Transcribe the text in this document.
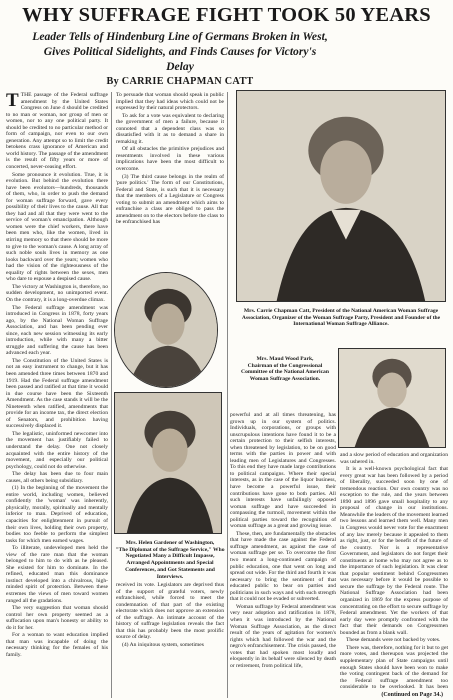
WHY SUFFRAGE FIGHT TOOK 50 YEARS
Leader Tells of Hindenburg Line of Germans Broken in West, Gives Political Sidelights, and Finds Causes for Victory's Delay
By CARRIE CHAPMAN CATT

TTHE passage of the Federal suffrage amendment by the United States Congress on June 4 should be credited to no man or woman, nor group of men or women, nor to any one political party. It should be credited to no particular method or form of campaign, nor even to our own generation. Any attempt so to limit the credit betokens crass ignorance of American and world history. The passage of the amendment is the result of fifty years or more of concerted, never-ceasing effort.

Some pronounce it evolution. True, it is evolution. But behind the evolution there have been evolutors—hundreds, thousands of them, who, in order to push the demand for woman suffrage forward, gave every possibility of their lives to the cause. All that they had and all that they were went to the service of woman's emancipation. Although women were the chief workers, there have been men who, like the women, lived in stirring memory so that there should be more to give to the woman's cause. A long array of such noble souls lives in memory as one looks backward over the years; women who had the vision of the righteousness of the equality of rights between the sexes, men who dare to espouse a despised cause.

The victory at Washington is, therefore, no sudden development, no unimported event. On the contrary, it is a long-overdue climax.

The Federal suffrage amendment was introduced in Congress in 1878, forty years ago, by the National Woman Suffrage Association, and has been pending ever since, each new session witnessing its early introduction, while with many a bitter struggle and suffering the cause has been advanced each year.

The Constitution of the United States is not an easy instrument to change, but it has been amended three times between 1870 and 1919. Had the Federal suffrage amendment been passed and ratified at that time it would in due course have been the Sixteenth Amendment. As the case stands it will be the Nineteenth when ratified, amendments that provide for an income tax, the direct election of Senators, and prohibition having successively displaced it.

The legalistic, uninformed newcomer into the movement has justifiably failed to understand the delay. One not closely acquainted with the entire history of the movement, and especially our political psychology, could not do otherwise.

The delay has been due to four main causes, all others being subsidiary.

(1) In the beginning of the movement the entire world, including women, believed confidently the 'woman' was inherently, physically, morally, spiritually and mentally inferior to man. Deprived of education, capacities for enlightenment in pursuit of their own lives, holding their own property, bodies too feeble to perform the simplest tasks for which men earned wages.

To illiterate, undeveloped men held the view of the rare man that the woman belonged to him to do with as he pleased. She existed for him to dominate. In the refined, educated man this dominance instinct developed into a chivalrous, high-minded spirit of protection. Between these extremes the views of men toward women ranged all the gradations.

The very suggestion that woman should control her own property seemed as a suffocation upon man's honesty or ability to do it for her.

For a woman to want education implied that man was incapable of doing the necessary thinking for the females of his family.

To persuade that woman should speak in public implied that they had ideas which could not be expressed by their natural protectors.

To ask for a vote was equivalent to declaring the government of men a failure, because it connoted that a dependent class was so dissatisfied with it as to demand a share in remaking it.

Of all obstacles the primitive prejudices and resentments involved in these various implications have been the most difficult to overcome.

(3) The third cause belongs in the realm of 'pure politics.' The form of our Constitutions, Federal and State, is such that it is necessary that the members of a Legislature or Congress voting to submit an amendment which aims to enfranchise a class are obliged to pass the amendment on to the electors before the class to be enfranchised has

Mrs. Carrie Chapman Catt, President of the National American Woman Suffrage Association, Organizer of the Woman Suffrage Party, President and Founder of the International Woman Suffrage Alliance.
Mrs. Maud Wood Park,
Chairman of the Congressional Committee of the National American Woman Suffrage Association.
Mrs. Helen Gardener of Washington,
"The Diplomat of the Suffrage Service," Who Negotiated Many a Difficult Impasse, Arranged Appointments and Special Conferences, and Got Statements and Interviews.

received its vote. Legislators are deprived thus of the support of grateful voters, newly enfranchised, while forced to meet the condemnation of that part of the existing electorate which does not approve an extension of the suffrage. An intimate account of the history of suffrage legislation reveals the fact that this has probably been the most prolific source of delay.

(4) An iniquitous system, sometimes

powerful and at all times threatening, has grown up in our system of politics. Individuals, corporations, or groups with unscrupulous intentions have found it to be a certain protection to their selfish interests, when threatened by legislation, to be on good terms with the parties in power and with leading men of Legislatures and Congresses. To this end they have made large contributions to political campaigns. Where their special interests, as in the case of the liquor business, have become a powerful issue, their contributions have gone to both parties. All such interests have unfailingly opposed woman suffrage and have succeeded in compassing the turmoil, movement within the political parties toward the recognition of woman suffrage as a great and growing issue.

These, then, are fundamentally the obstacles that have made the case against the Federal suffrage amendment, as against the case of woman suffrage per se. To overcome the first two meant a long-continued campaign of public education, one that went on long and spread out wide. For the third and fourth it was necessary to bring the sentiment of that educated public to bear on parties and politicians in such ways and with such strength that it could not be evaded or subverted.

Woman suffrage by Federal amendment was very near adoption and ratification in 1878, when it was introduced by the National Woman Suffrage Association, as the direct result of the years of agitation for women's rights which had followed the war and the negro's enfranchisement. The crisis passed, the votes that had spoken most loudly and eloquently in its behalf were silenced by death or retirement, from political life,

and a slow period of education and organization was ushered in.

It is a well-known psychological fact that every great war has been followed by a period of liberality, succeeded soon by one of tremendous reaction. Our own country was no exception to the rule, and the years between 1890 and 1896 gave small hospitality to any proposal of change in our institutions. Meanwhile the leaders of the movement learned two lessons and learned them well. Many men in Congress would never vote for the enactment of any law merely because it appealed to them as right, just, or for the benefit of the future of the country. Nor is a representative Government, and legislators do not forget their constituents at home who may not agree as to the importance of such legislation. It was clear that popular sentiment behind Congressmen was necessary before it would be possible to secure the suffrage by the Federal route. The National Suffrage Association had been organized in 1869 for the express purpose of concentrating on the effort to secure suffrage by Federal amendment. Yet the workers of that early day were promptly confronted with the fact that their demands on Congressmen bounded as from a blank wall.

These demands were not backed by votes.

There was, therefore, nothing for it but to get more votes, and thereupon was projected the supplementary plan of State campaigns until enough States should have been won to make the voting contingent back of the demand for the Federal suffrage amendment too considerable to be overlooked. It has been

(Continued on Page 34.)
